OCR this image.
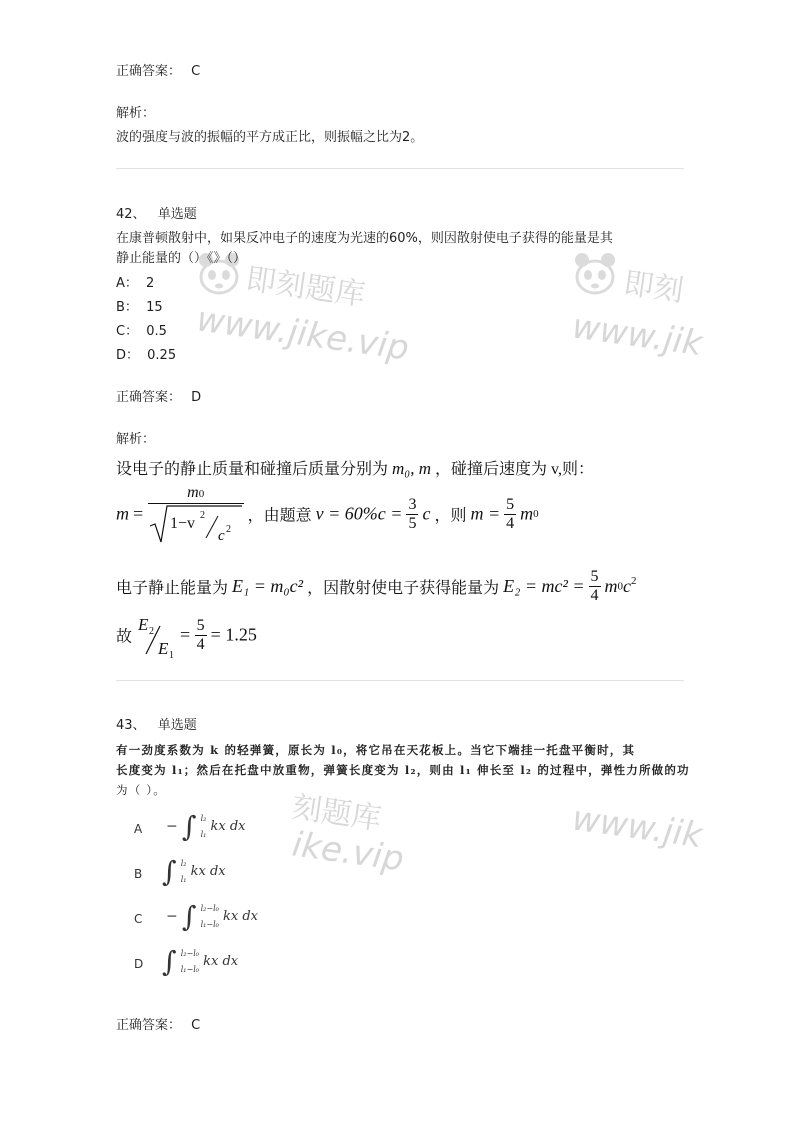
正确答案： C
解析：
波的强度与波的振幅的平方成正比，则振幅之比为2。
即刻题库
www.jike.vip
即刻
www.jik
42、 单选题
在康普顿散射中，如果反冲电子的速度为光速的60%，则因散射使电子获得的能量是其
静止能量的（）《》（）
A： 2
B： 15
C： 0.5
D： 0.25
正确答案： D
解析：
设电子的静止质量和碰撞后质量分别为 m₀, m ，碰撞后速度为 v,则：
m = m0
1−v 2
c 2 ，由题意 $v = 60\%c = \frac{3}{5}$ c ，则 $m = \frac{5}{4} m0$
电子静止能量为 E₁ = m₀c² ，因散射使电子获得能量为 $E_2 = mc^2 = \frac{5}{4} m0c^2$
故
E 2
E 1
= $\frac{5}{4} = 1.25$
43、 单选题
有一劲度系数为 k 的轻弹簧，原长为 l₀，将它吊在天花板上。当它下端挂一托盘平衡时，其
长度变为 l₁；然后在托盘中放重物，弹簧长度变为 l₂，则由 l₁ 伸长至 l₂ 的过程中，弹性力所做的功
为（ ）。	刻题库
ike.vip	www.jik
A − ∫ l₂
l₁ kx dx
B ∫ l₂
l₁ kx dx
C − ∫ l₂−l₀
l₁−l₀ kx dx
D ∫ l₂−l₀
l₁−l₀ kx dx
正确答案： C
